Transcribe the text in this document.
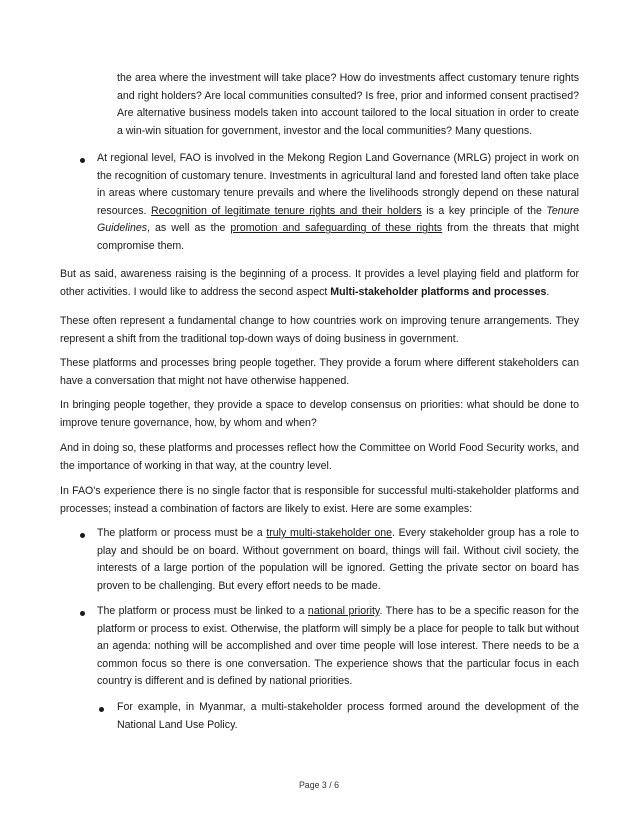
the area where the investment will take place? How do investments affect customary tenure rights and right holders? Are local communities consulted? Is free, prior and informed consent practised? Are alternative business models taken into account tailored to the local situation in order to create a win-win situation for government, investor and the local communities? Many questions.

At regional level, FAO is involved in the Mekong Region Land Governance (MRLG) project in work on the recognition of customary tenure. Investments in agricultural land and forested land often take place in areas where customary tenure prevails and where the livelihoods strongly depend on these natural resources. Recognition of legitimate tenure rights and their holders is a key principle of the Tenure Guidelines, as well as the promotion and safeguarding of these rights from the threats that might compromise them.

But as said, awareness raising is the beginning of a process. It provides a level playing field and platform for other activities. I would like to address the second aspect Multi-stakeholder platforms and processes.

These often represent a fundamental change to how countries work on improving tenure arrangements. They represent a shift from the traditional top-down ways of doing business in government.

These platforms and processes bring people together. They provide a forum where different stakeholders can have a conversation that might not have otherwise happened.

In bringing people together, they provide a space to develop consensus on priorities: what should be done to improve tenure governance, how, by whom and when?

And in doing so, these platforms and processes reflect how the Committee on World Food Security works, and the importance of working in that way, at the country level.

In FAO's experience there is no single factor that is responsible for successful multi-stakeholder platforms and processes; instead a combination of factors are likely to exist. Here are some examples:

The platform or process must be a truly multi-stakeholder one. Every stakeholder group has a role to play and should be on board. Without government on board, things will fail. Without civil society, the interests of a large portion of the population will be ignored. Getting the private sector on board has proven to be challenging. But every effort needs to be made.

The platform or process must be linked to a national priority. There has to be a specific reason for the platform or process to exist. Otherwise, the platform will simply be a place for people to talk but without an agenda: nothing will be accomplished and over time people will lose interest. There needs to be a common focus so there is one conversation. The experience shows that the particular focus in each country is different and is defined by national priorities.

For example, in Myanmar, a multi-stakeholder process formed around the development of the National Land Use Policy.

Page 3 / 6
